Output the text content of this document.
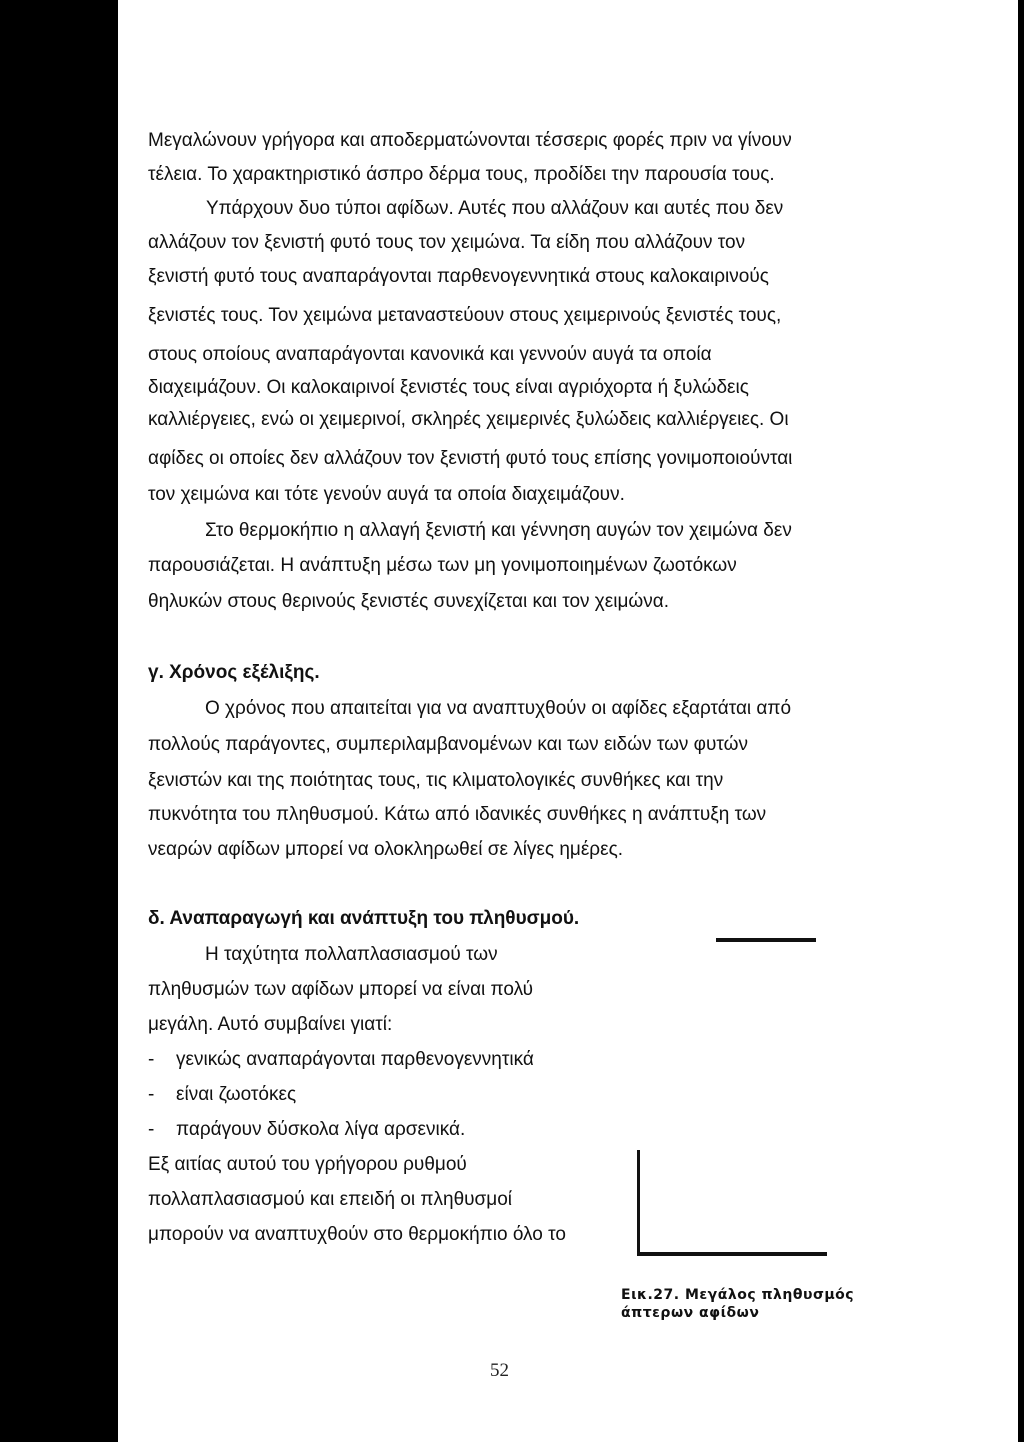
Μεγαλώνουν γρήγορα και αποδερματώνονται τέσσερις φορές πριν να γίνουν
τέλεια. Το χαρακτηριστικό άσπρο δέρμα τους, προδίδει την παρουσία τους.
Υπάρχουν δυο τύποι αφίδων. Αυτές που αλλάζουν και αυτές που δεν
αλλάζουν τον ξενιστή φυτό τους τον χειμώνα. Τα είδη που αλλάζουν τον
ξενιστή φυτό τους αναπαράγονται παρθενογεννητικά στους καλοκαιρινούς
ξενιστές τους. Τον χειμώνα μεταναστεύουν στους χειμερινούς ξενιστές τους,
στους οποίους αναπαράγονται κανονικά και γεννούν αυγά τα οποία
διαχειμάζουν. Οι καλοκαιρινοί ξενιστές τους είναι αγριόχορτα ή ξυλώδεις
καλλιέργειες, ενώ οι χειμερινοί, σκληρές χειμερινές ξυλώδεις καλλιέργειες. Οι
αφίδες οι οποίες δεν αλλάζουν τον ξενιστή φυτό τους επίσης γονιμοποιούνται
τον χειμώνα και τότε γενούν αυγά τα οποία διαχειμάζουν.
Στο θερμοκήπιο η αλλαγή ξενιστή και γέννηση αυγών τον χειμώνα δεν
παρουσιάζεται. Η ανάπτυξη μέσω των μη γονιμοποιημένων ζωοτόκων
θηλυκών στους θερινούς ξενιστές συνεχίζεται και τον χειμώνα.
γ. Χρόνος εξέλιξης.
Ο χρόνος που απαιτείται για να αναπτυχθούν οι αφίδες εξαρτάται από
πολλούς παράγοντες, συμπεριλαμβανομένων και των ειδών των φυτών
ξενιστών και της ποιότητας τους, τις κλιματολογικές συνθήκες και την
πυκνότητα του πληθυσμού. Κάτω από ιδανικές συνθήκες η ανάπτυξη των
νεαρών αφίδων μπορεί να ολοκληρωθεί σε λίγες ημέρες.
δ. Αναπαραγωγή και ανάπτυξη του πληθυσμού.
Η ταχύτητα πολλαπλασιασμού των
πληθυσμών των αφίδων μπορεί να είναι πολύ
μεγάλη. Αυτό συμβαίνει γιατί:
- γενικώς αναπαράγονται παρθενογεννητικά
- είναι ζωοτόκες
- παράγουν δύσκολα λίγα αρσενικά.
Εξ αιτίας αυτού του γρήγορου ρυθμού
πολλαπλασιασμού και επειδή οι πληθυσμοί
μπορούν να αναπτυχθούν στο θερμοκήπιο όλο το
Εικ.27. Μεγάλος πληθυσμός
άπτερων αφίδων
52
